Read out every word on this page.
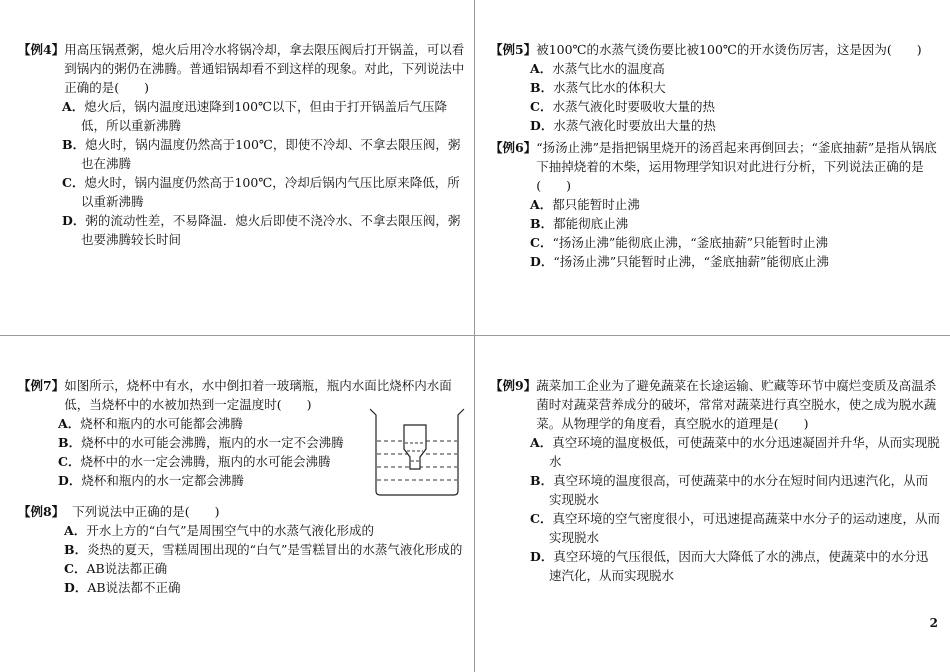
【例4】 用高压锅煮粥，熄火后用冷水将锅冷却，拿去限压阀后打开锅盖，可以看到锅内的粥仍在沸腾。普通铝锅却看不到这样的现象。对此，下列说法中正确的是(　　)
A．熄火后，锅内温度迅速降到100℃以下，但由于打开锅盖后气压降低，所以重新沸腾
B．熄火时，锅内温度仍然高于100℃，即使不冷却、不拿去限压阀，粥也在沸腾
C．熄火时，锅内温度仍然高于100℃，冷却后锅内气压比原来降低，所以重新沸腾
D．粥的流动性差，不易降温．熄火后即使不浇冷水、不拿去限压阀，粥也要沸腾较长时间
【例5】 被100℃的水蒸气烫伤要比被100℃的开水烫伤厉害，这是因为(　　)
A．水蒸气比水的温度高
B．水蒸气比水的体积大
C．水蒸气液化时要吸收大量的热
D．水蒸气液化时要放出大量的热
【例6】 “扬汤止沸”是指把锅里烧开的汤舀起来再倒回去；“釜底抽薪”是指从锅底下抽掉烧着的木柴，运用物理学知识对此进行分析，下列说法正确的是(　　)
A．都只能暂时止沸
B．都能彻底止沸
C．“扬汤止沸”能彻底止沸，“釜底抽薪”只能暂时止沸
D．“扬汤止沸”只能暂时止沸，“釜底抽薪”能彻底止沸
【例7】 如图所示，烧杯中有水，水中倒扣着一玻璃瓶，瓶内水面比烧杯内水面低，当烧杯中的水被加热到一定温度时(　　)
A．烧杯和瓶内的水可能都会沸腾
B．烧杯中的水可能会沸腾，瓶内的水一定不会沸腾
C．烧杯中的水一定会沸腾，瓶内的水可能会沸腾
D．烧杯和瓶内的水一定都会沸腾
【例8】 下列说法中正确的是(　　)
A．开水上方的“白气”是周围空气中的水蒸气液化形成的
B．炎热的夏天，雪糕周围出现的“白气”是雪糕冒出的水蒸气液化形成的
C．AB说法都正确
D．AB说法都不正确
【例9】 蔬菜加工企业为了避免蔬菜在长途运输、贮藏等环节中腐烂变质及高温杀菌时对蔬菜营养成分的破坏，常常对蔬菜进行真空脱水，使之成为脱水蔬菜。从物理学的角度看，真空脱水的道理是(　　)
A．真空环境的温度极低，可使蔬菜中的水分迅速凝固并升华，从而实现脱水
B．真空环境的温度很高，可使蔬菜中的水分在短时间内迅速汽化，从而实现脱水
C．真空环境的空气密度很小，可迅速提高蔬菜中水分子的运动速度，从而实现脱水
D．真空环境的气压很低，因而大大降低了水的沸点，使蔬菜中的水分迅速汽化，从而实现脱水
2
